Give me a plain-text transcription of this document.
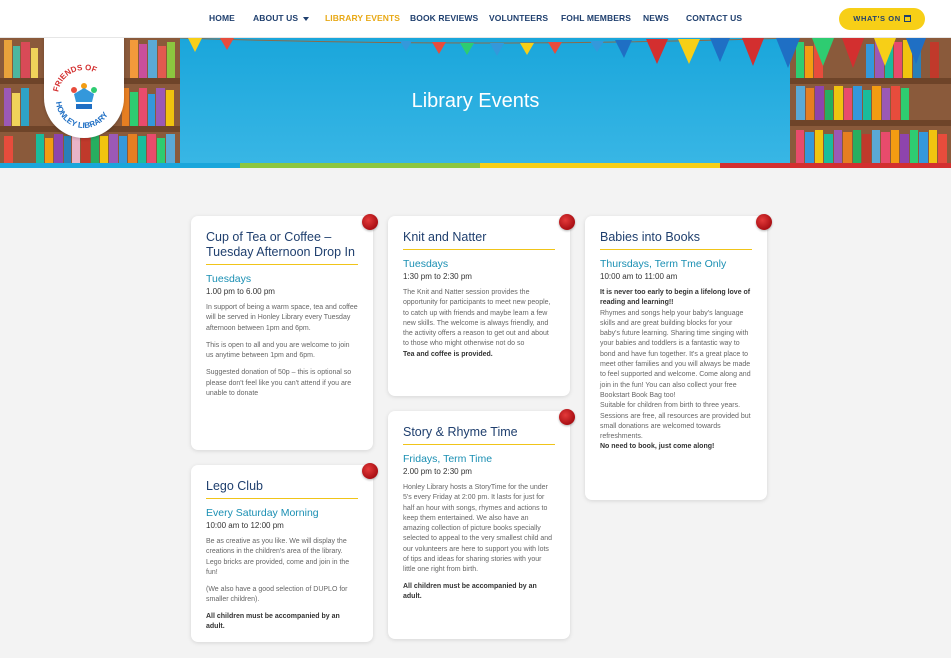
HOME ABOUT US	LIBRARY EVENTS BOOK REVIEWS VOLUNTEERS FOHL MEMBERS NEWS CONTACT US	WHAT'S ON
FRIENDS OF
HONLEY LIBRARY
Library Events
Cup of Tea or Coffee – Tuesday Afternoon Drop In
Tuesdays
1.00 pm to 6.00 pm
In support of being a warm space, tea and coffee will be served in Honley Library every Tuesday afternoon between 1pm and 6pm.
This is open to all and you are welcome to join us anytime between 1pm and 6pm.
Suggested donation of 50p – this is optional so please don't feel like you can't attend if you are unable to donate
Knit and Natter
Tuesdays
1:30 pm to 2:30 pm
The Knit and Natter session provides the opportunity for participants to meet new people, to catch up with friends and maybe learn a few new skills. The welcome is always friendly, and the activity offers a reason to get out and about to those who might otherwise not do so
Tea and coffee is provided.
Babies into Books
Thursdays, Term Tme Only
10:00 am to 11:00 am
It is never too early to begin a lifelong love of reading and learning!!
Rhymes and songs help your baby's language skills and are great building blocks for your baby's future learning. Sharing time singing with your babies and toddlers is a fantastic way to bond and have fun together. It's a great place to meet other families and you will always be made to feel supported and welcome. Come along and join in the fun! You can also collect your free Bookstart Book Bag too!
Suitable for children from birth to three years.
Sessions are free, all resources are provided but small donations are welcomed towards refreshments.
No need to book, just come along!
Lego Club
Every Saturday Morning
10:00 am to 12:00 pm
Be as creative as you like. We will display the creations in the children's area of the library. Lego bricks are provided, come and join in the fun!
(We also have a good selection of DUPLO for smaller children).
All children must be accompanied by an adult.
Story & Rhyme Time
Fridays, Term Time
2.00 pm to 2:30 pm
Honley Library hosts a StoryTime for the under 5's every Friday at 2:00 pm. It lasts for just for half an hour with songs, rhymes and actions to keep them entertained. We also have an amazing collection of picture books specially selected to appeal to the very smallest child and our volunteers are here to support you with lots of tips and ideas for sharing stories with your little one right from birth.
All children must be accompanied by an adult.
